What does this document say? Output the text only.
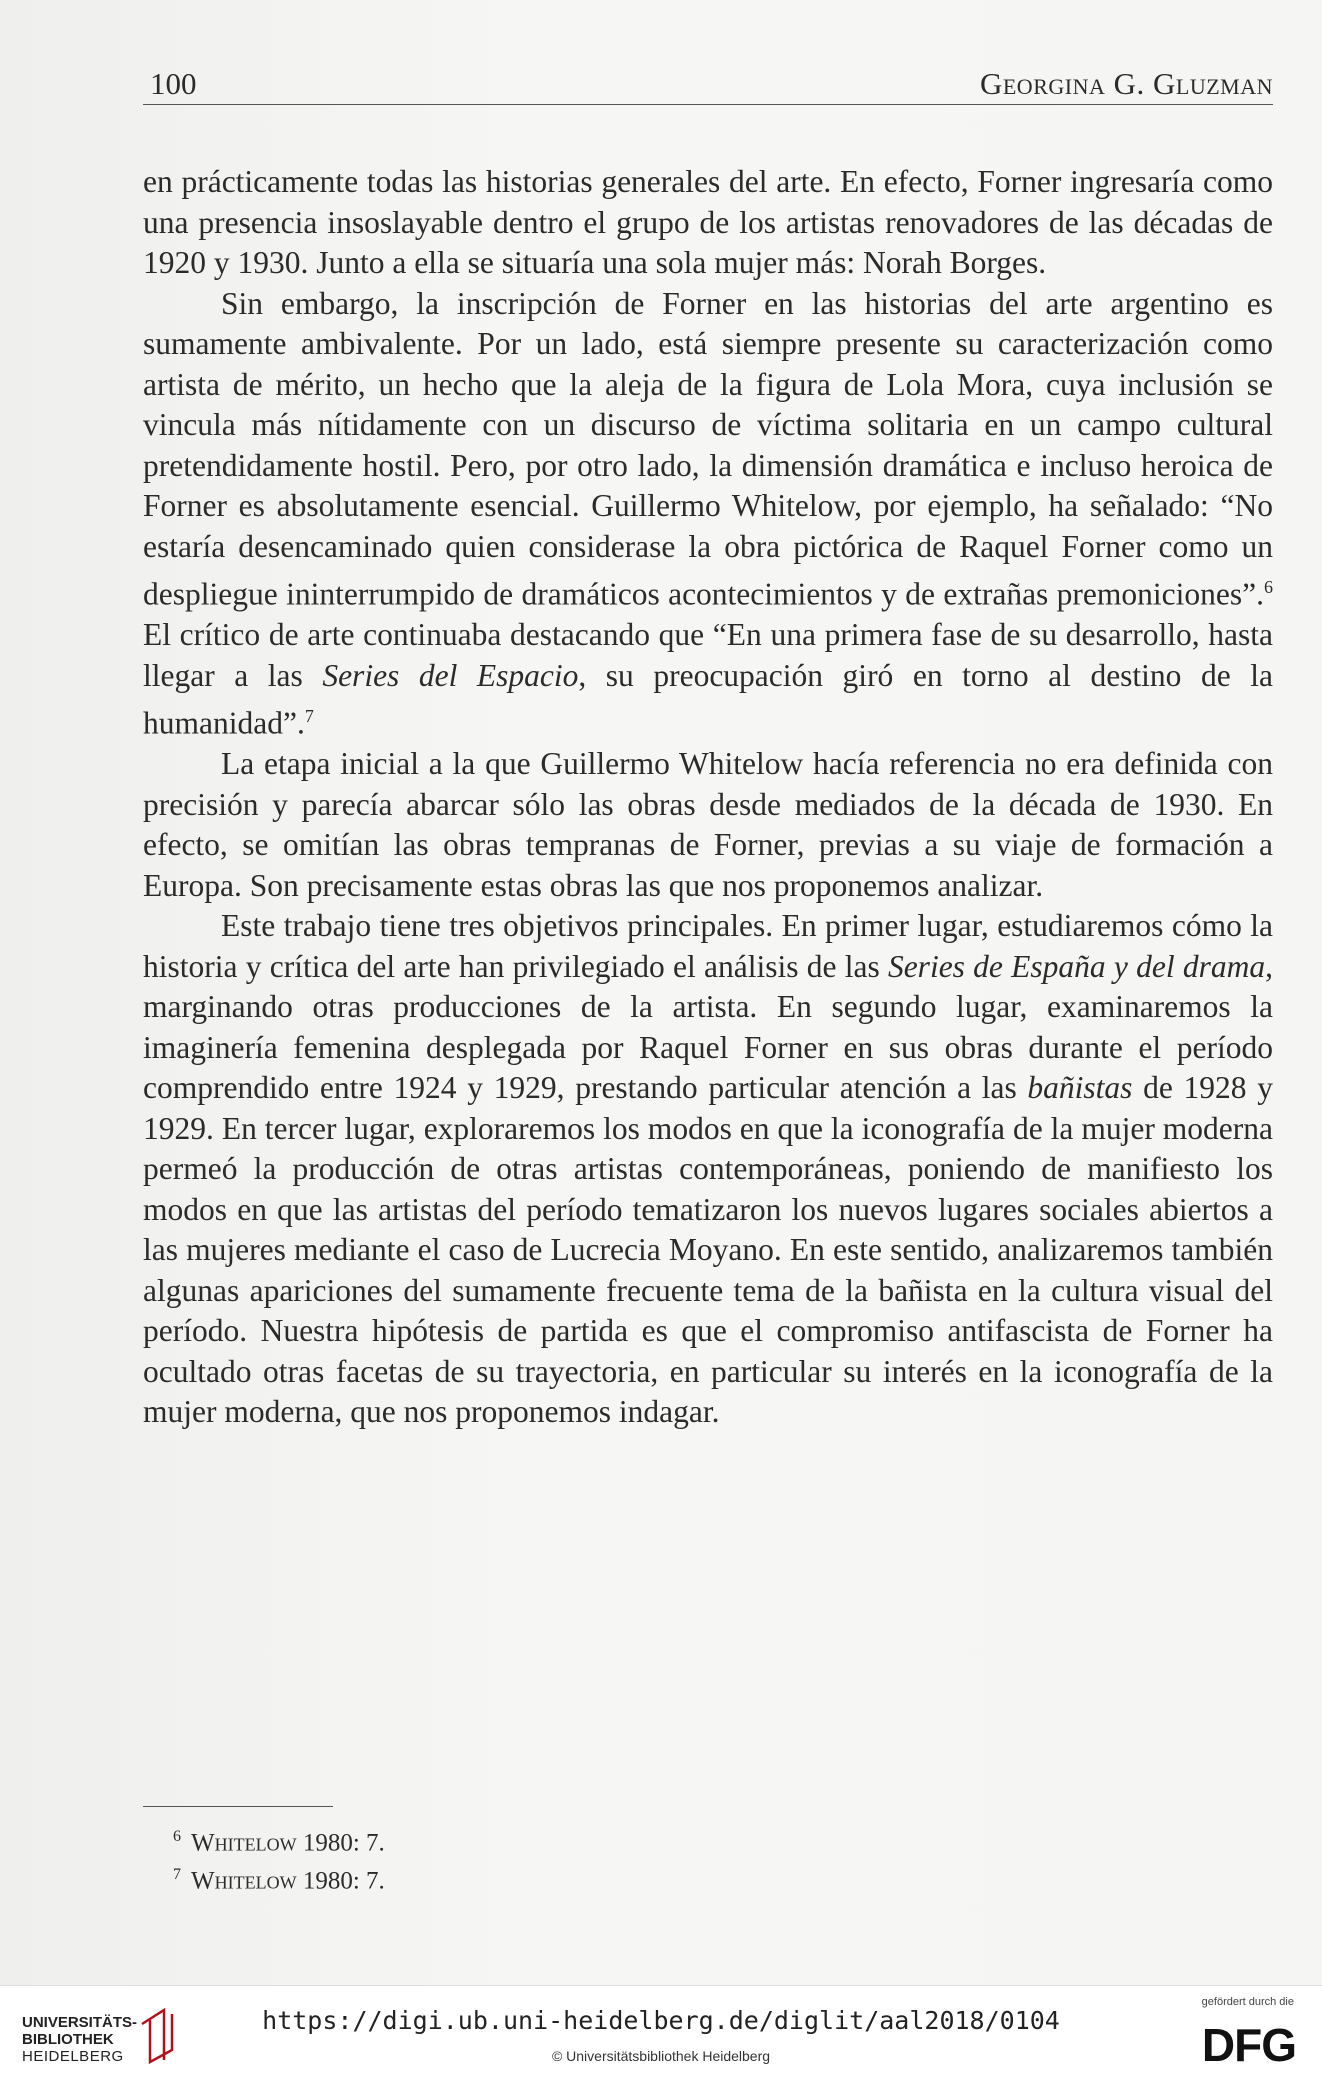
100	Georgina G. Gluzman

en prácticamente todas las historias generales del arte. En efecto, Forner ingresaría como una presencia insoslayable dentro el grupo de los artistas renovadores de las décadas de 1920 y 1930. Junto a ella se situaría una sola mujer más: Norah Borges.

Sin embargo, la inscripción de Forner en las historias del arte argentino es sumamente ambivalente. Por un lado, está siempre presente su caracterización como artista de mérito, un hecho que la aleja de la figura de Lola Mora, cuya inclusión se vincula más nítidamente con un discurso de víctima solitaria en un campo cultural pretendidamente hostil. Pero, por otro lado, la dimensión dramática e incluso heroica de Forner es absolutamente esencial. Guillermo Whitelow, por ejemplo, ha señalado: “No estaría desencaminado quien considerase la obra pictórica de Raquel Forner como un despliegue ininterrumpido de dramáticos acontecimientos y de extrañas premoniciones”.$^6$ El crítico de arte continuaba destacando que “En una primera fase de su desarrollo, hasta llegar a las Series del Espacio, su preocupación giró en torno al destino de la humanidad”.$^7$

La etapa inicial a la que Guillermo Whitelow hacía referencia no era definida con precisión y parecía abarcar sólo las obras desde mediados de la década de 1930. En efecto, se omitían las obras tempranas de Forner, previas a su viaje de formación a Europa. Son precisamente estas obras las que nos proponemos analizar.

Este trabajo tiene tres objetivos principales. En primer lugar, estudiaremos cómo la historia y crítica del arte han privilegiado el análisis de las Series de España y del drama, marginando otras producciones de la artista. En segundo lugar, examinaremos la imaginería femenina desplegada por Raquel Forner en sus obras durante el período comprendido entre 1924 y 1929, prestando particular atención a las bañistas de 1928 y 1929. En tercer lugar, exploraremos los modos en que la iconografía de la mujer moderna permeó la producción de otras artistas contemporáneas, poniendo de manifiesto los modos en que las artistas del período tematizaron los nuevos lugares sociales abiertos a las mujeres mediante el caso de Lucrecia Moyano. En este sentido, analizaremos también algunas apariciones del sumamente frecuente tema de la bañista en la cultura visual del período. Nuestra hipótesis de partida es que el compromiso antifascista de Forner ha ocultado otras facetas de su trayectoria, en particular su interés en la iconografía de la mujer moderna, que nos proponemos indagar.

$^6$ Whitelow 1980: 7.
$^7$ Whitelow 1980: 7.
UNIVERSITÄTS-
BIBLIOTHEK
HEIDELBERG
https://digi.ub.uni-heidelberg.de/diglit/aal2018/0104
© Universitätsbibliothek Heidelberg
gefördert durch die
DFG
